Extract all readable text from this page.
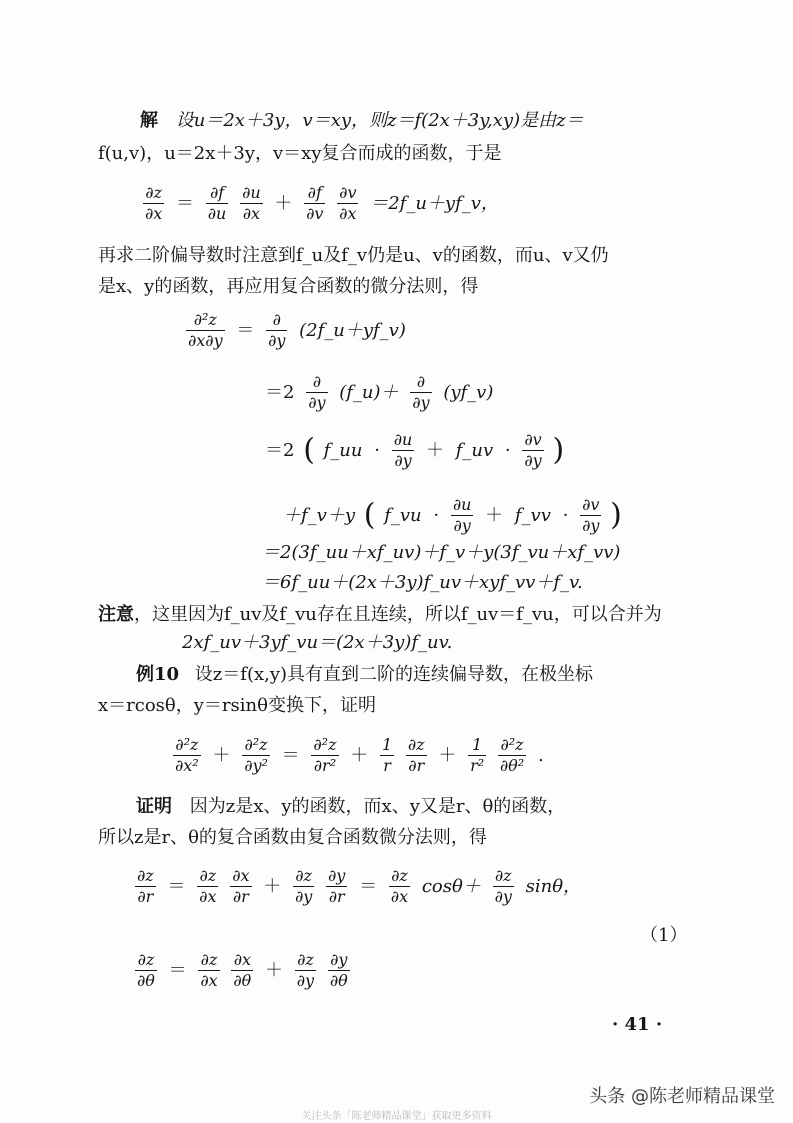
解 设u＝2x＋3y，v＝xy，则z＝f(2x＋3y,xy)是由z＝
f(u,v)，u＝2x＋3y，v＝xy复合而成的函数，于是
$\frac{\partial z}{\partial x} = \frac{\partial f}{\partial u}$
$\frac{\partial u}{\partial x} + \frac{\partial f}{\partial v}$
$\frac{\partial v}{\partial x}$ ＝2f_u＋yf_v，
再求二阶偏导数时注意到f_u及f_v仍是u、v的函数，而u、v又仍
是x、y的函数，再应用复合函数的微分法则，得
$\frac{\text{∂²z}}{\partial x\partial y} = \frac{\partial}{\partial y}$ (2f_u＋yf_v)
$=2 \frac{\partial}{\partial y}$ (f_u)＋ $\frac{\partial}{\partial y}$ (yf_v)
＝2 ( f_uu · $\frac{\partial u}{\partial y}$ ＋ f_uv · $\frac{\partial v}{\partial y}$ )
＋f_v＋y ( f_vu · $\frac{\partial u}{\partial y}$ ＋ f_vv · $\frac{\partial v}{\partial y}$ )
＝2(3f_uu＋xf_uv)＋f_v＋y(3f_vu＋xf_vv)
＝6f_uu＋(2x＋3y)f_uv＋xyf_vv＋f_v.
注意，这里因为f_uv及f_vu存在且连续，所以f_uv＝f_vu，可以合并为
2xf_uv＋3yf_vu＝(2x＋3y)f_uv.
例10 设z＝f(x,y)具有直到二阶的连续偏导数，在极坐标
x＝rcosθ，y＝rsinθ变换下，证明
$\frac{\text{∂²z}}{\text{∂x²}} + \frac{\text{∂²z}}{\text{∂y²}} = \frac{\text{∂²z}}{\text{∂r²}} + \frac{1}{r}$
$\frac{\partial z}{\partial r} + \frac{1}{\text{r²}}$
$\frac{\text{∂²z}}{\text{∂θ²}}$ .
证明 因为z是x、y的函数，而x、y又是r、θ的函数，
所以z是r、θ的复合函数由复合函数微分法则，得
$\frac{\partial z}{\partial r} = \frac{\partial z}{\partial x}$
$\frac{\partial x}{\partial r} + \frac{\partial z}{\partial y}$
$\frac{\partial y}{\partial r} = \frac{\partial z}{\partial x} \cos\theta+ \frac{\partial z}{\partial y}$ sinθ，
（1）
$\frac{\partial z}{\partial\theta} = \frac{\partial z}{\partial x}$
$\frac{\partial x}{\partial\theta} + \frac{\partial z}{\partial y}$
$\frac{\partial y}{\partial\theta}$
· 41 ·
头条 @陈老师精品课堂
关注头条「陈老师精品课堂」获取更多资料
